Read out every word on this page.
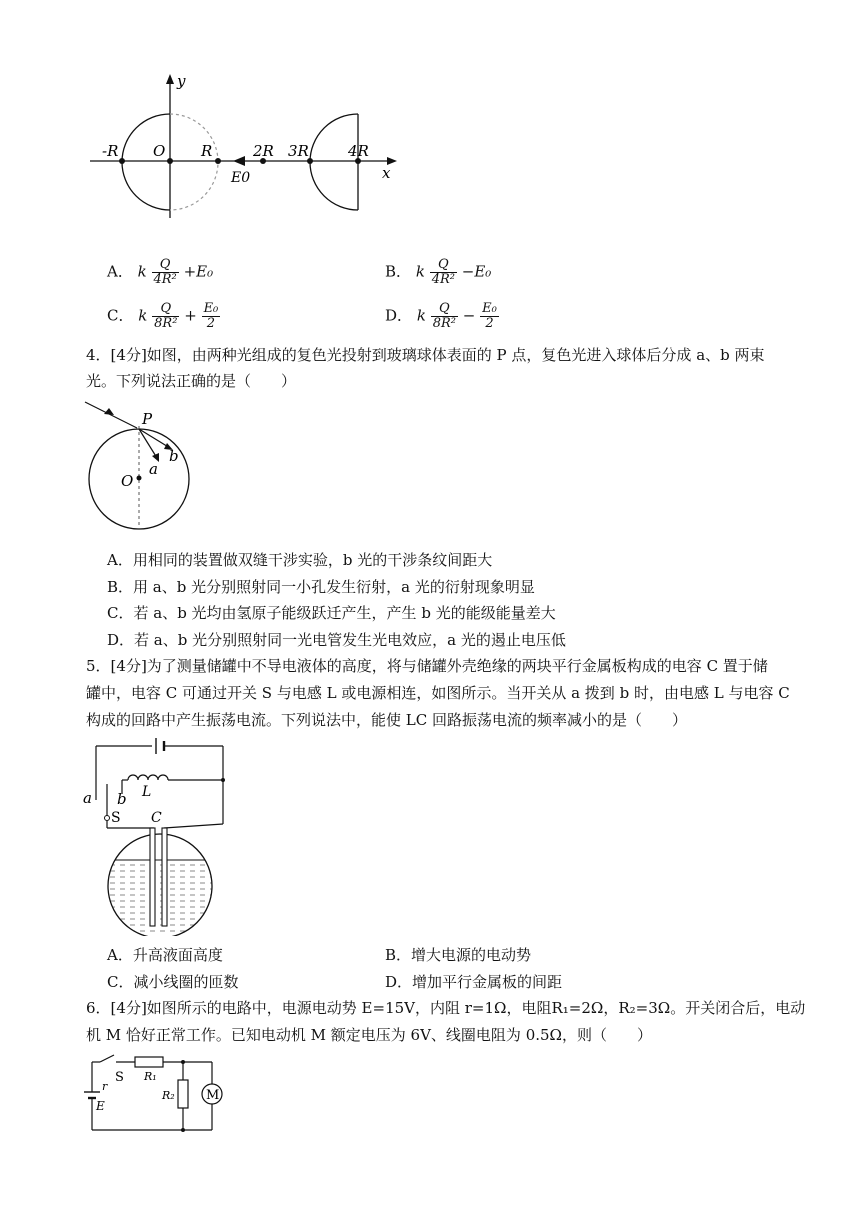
y
x
-R O R	2R 3R	4R
E0
A． k $\frac{Q}{\text{4R²}} +E_0$	B． k $\frac{Q}{\text{4R²}} -E_0$
C． k $\frac{Q}{\text{8R²}} + \frac{\text{E₀}}{2}$	D． k $\frac{Q}{\text{8R²}} - \frac{\text{E₀}}{2}$
4．[4分]如图，由两种光组成的复色光投射到玻璃球体表面的 P 点，复色光进入球体后分成 a、b 两束
光。下列说法正确的是（　　）
P
a
b
O
A．用相同的装置做双缝干涉实验，b 光的干涉条纹间距大
B．用 a、b 光分别照射同一小孔发生衍射，a 光的衍射现象明显
C．若 a、b 光均由氢原子能级跃迁产生，产生 b 光的能级能量差大
D．若 a、b 光分别照射同一光电管发生光电效应，a 光的遏止电压低
5．[4分]为了测量储罐中不导电液体的高度，将与储罐外壳绝缘的两块平行金属板构成的电容 C 置于储
罐中，电容 C 可通过开关 S 与电感 L 或电源相连，如图所示。当开关从 a 拨到 b 时，由电感 L 与电容 C
构成的回路中产生振荡电流。下列说法中，能使 LC 回路振荡电流的频率减小的是（　　）
a b
S
L
C
A．升高液面高度	B．增大电源的电动势
C．减小线圈的匝数	D．增加平行金属板的间距
6．[4分]如图所示的电路中，电源电动势 E=15V，内阻 r=1Ω，电阻R₁=2Ω，R₂=3Ω。开关闭合后，电动
机 M 恰好正常工作。已知电动机 M 额定电压为 6V、线圈电阻为 0.5Ω，则（　　）
M
S R₁
R₂
r
E
